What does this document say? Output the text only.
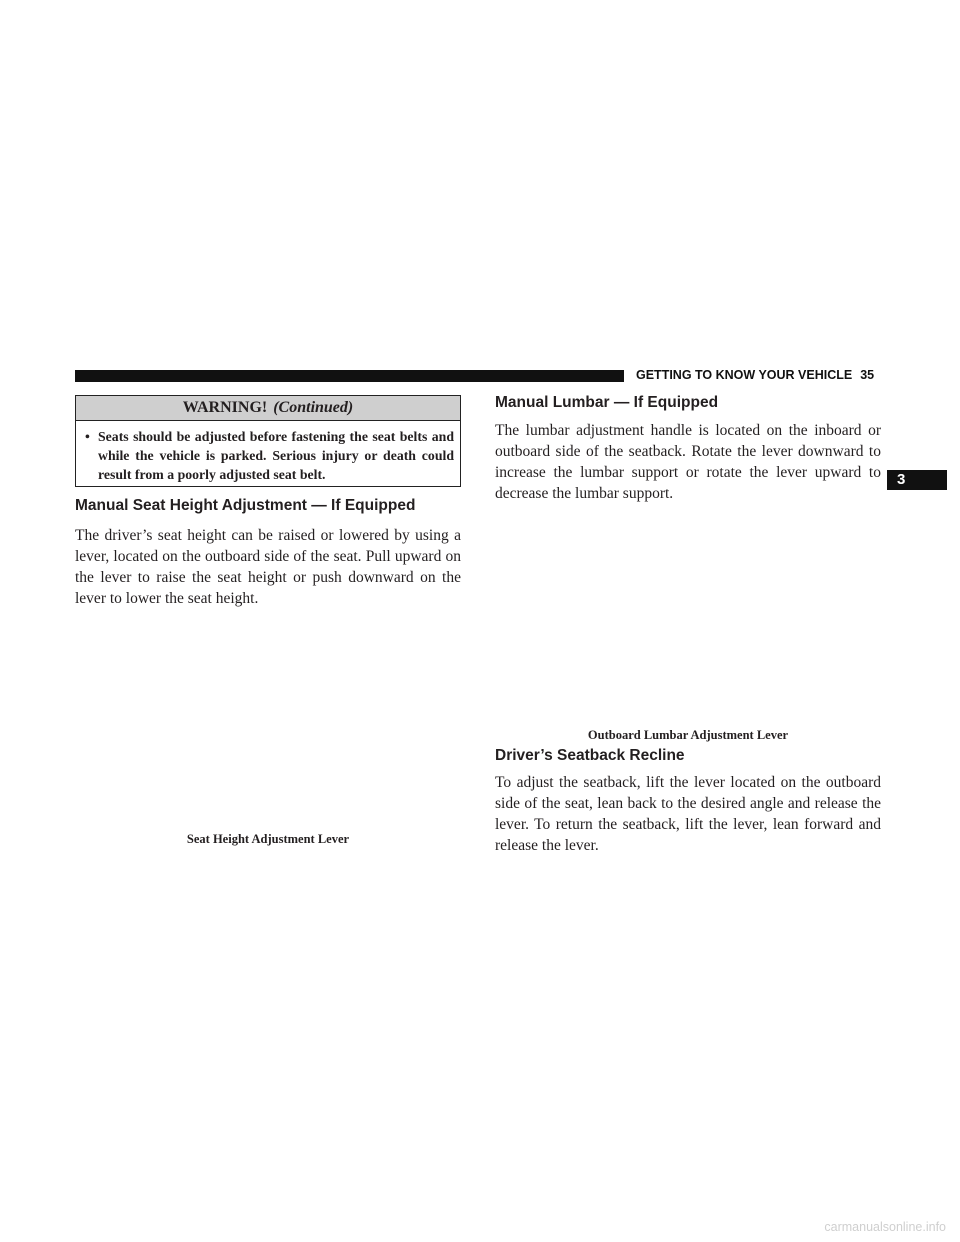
GETTING TO KNOW YOUR VEHICLE 35
3
WARNING! (Continued)
• Seats should be adjusted before fastening the seat belts and while the vehicle is parked. Serious injury or death could result from a poorly adjusted seat belt.
Manual Seat Height Adjustment — If Equipped
The driver’s seat height can be raised or lowered by using a lever, located on the outboard side of the seat. Pull upward on the lever to raise the seat height or push downward on the lever to lower the seat height.
Seat Height Adjustment Lever
Manual Lumbar — If Equipped
The lumbar adjustment handle is located on the inboard or outboard side of the seatback. Rotate the lever downward to increase the lumbar support or rotate the lever upward to decrease the lumbar support.
Outboard Lumbar Adjustment Lever
Driver’s Seatback Recline
To adjust the seatback, lift the lever located on the outboard side of the seat, lean back to the desired angle and release the lever. To return the seatback, lift the lever, lean forward and release the lever.
carmanualsonline.info
